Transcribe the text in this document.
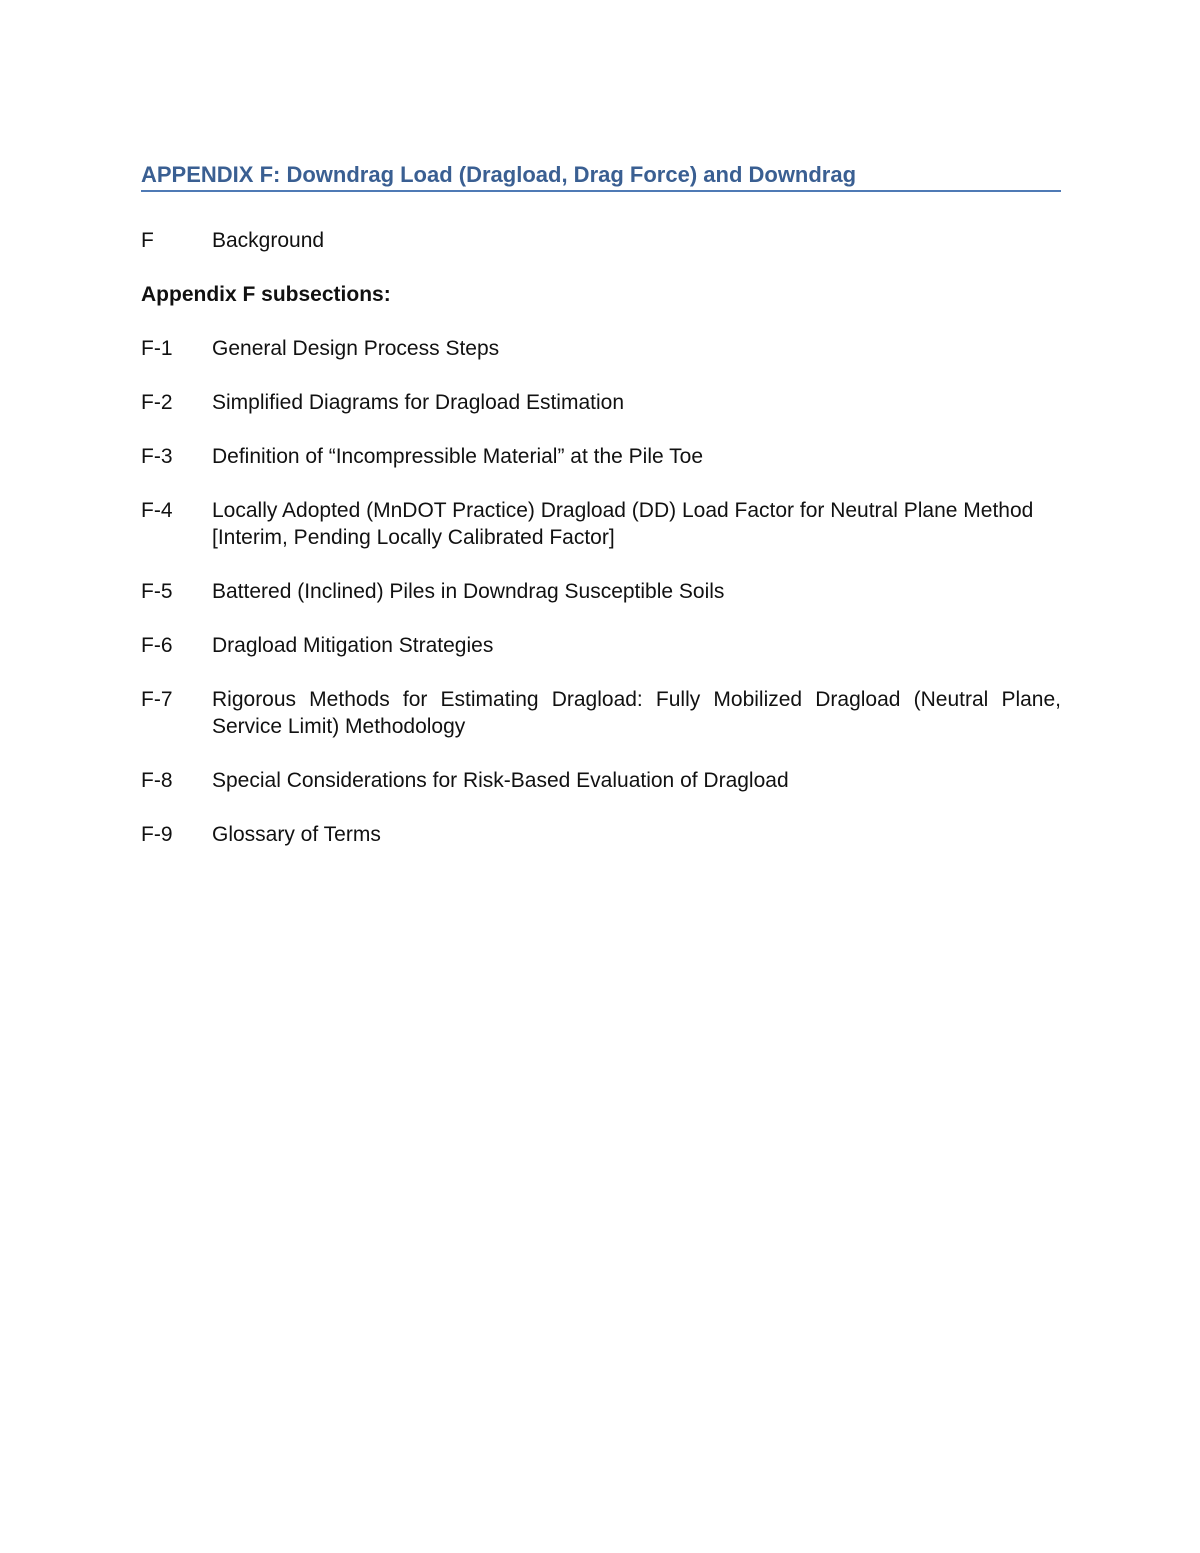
APPENDIX F: Downdrag Load (Dragload, Drag Force) and Downdrag
F	Background
Appendix F subsections:
F-1	General Design Process Steps
F-2	Simplified Diagrams for Dragload Estimation
F-3	Definition of “Incompressible Material” at the Pile Toe
F-4	Locally Adopted (MnDOT Practice) Dragload (DD) Load Factor for Neutral Plane Method [Interim, Pending Locally Calibrated Factor]
F-5	Battered (Inclined) Piles in Downdrag Susceptible Soils
F-6	Dragload Mitigation Strategies
F-7	Rigorous Methods for Estimating Dragload: Fully Mobilized Dragload (Neutral Plane, Service Limit) Methodology
F-8	Special Considerations for Risk-Based Evaluation of Dragload
F-9	Glossary of Terms
